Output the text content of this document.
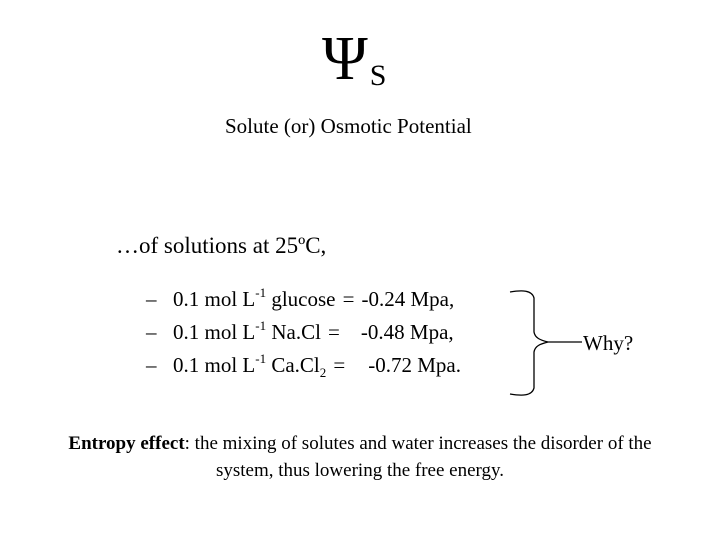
ΨS
Solute (or) Osmotic Potential
…of solutions at 25ºC,
– 0.1 mol $L^{-1}$ glucose = -0.24 Mpa,
– 0.1 mol $L^{-1}$ Na.Cl = -0.48 Mpa,
– 0.1 mol $L^{-1}$ $Ca.Cl_2 = -0.72$ Mpa.
Why?
Entropy effect: the mixing of solutes and water increases the disorder of the system, thus lowering the free energy.
